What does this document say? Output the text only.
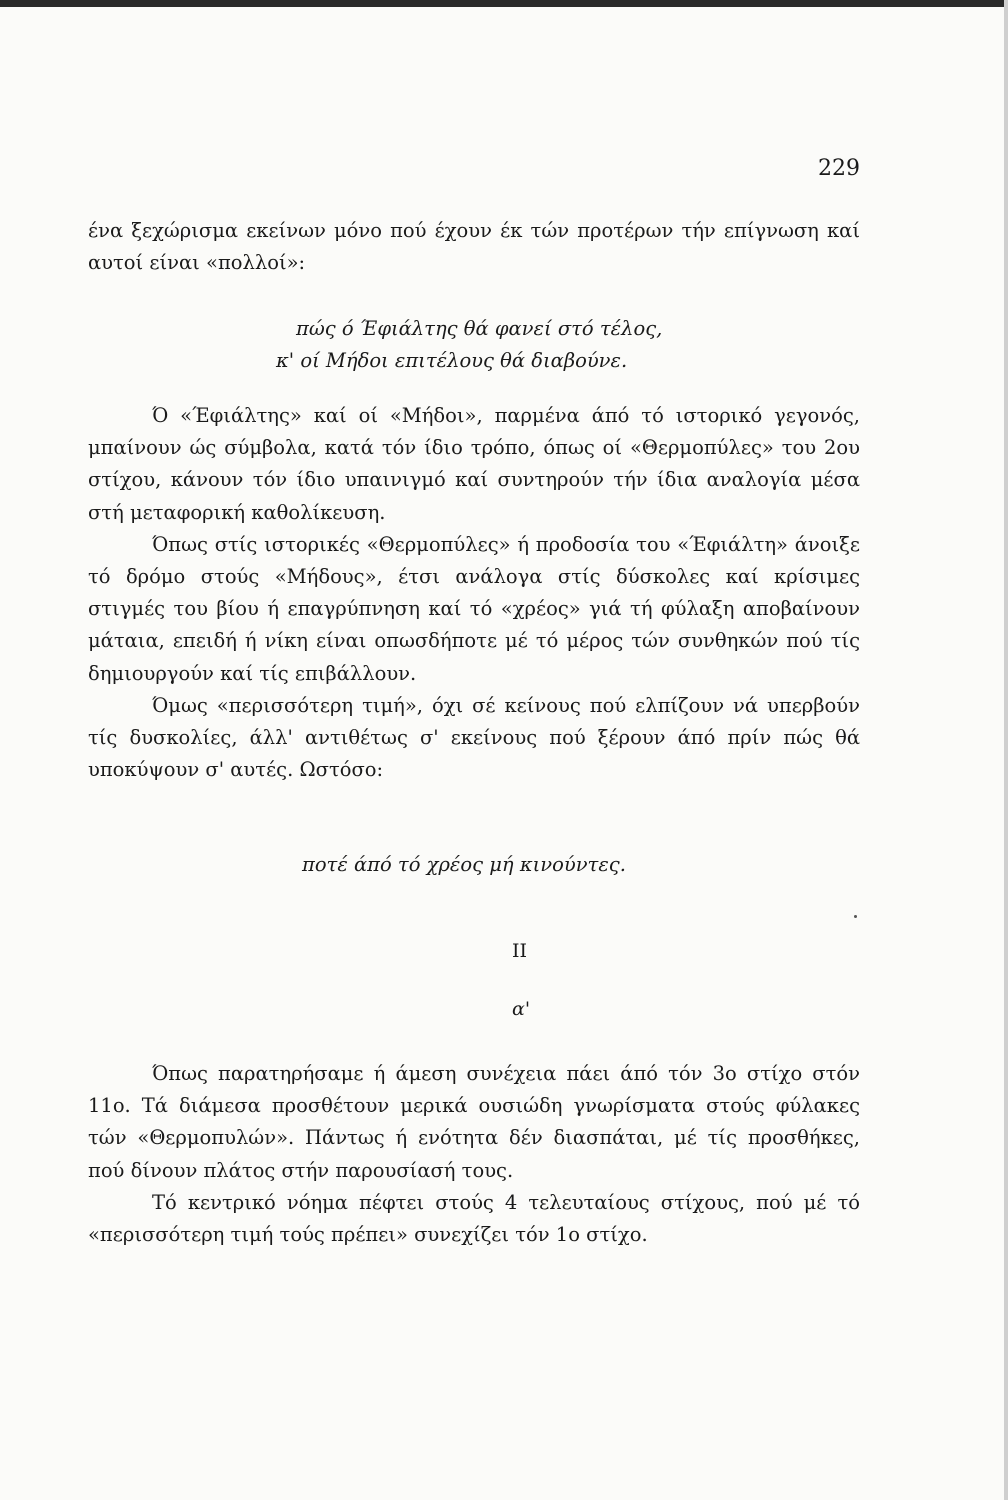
229

ένα ξεχώρισμα εκείνων μόνο πού έχουν έκ τών προτέρων τήν επίγνωση καί αυτοί είναι «πολλοί»:

πώς ό Έφιάλτης θά φανεί στό τέλος,
κ' οί Μήδοι επιτέλους θά διαβούνε.

Ό «Έφιάλτης» καί οί «Μήδοι», παρμένα άπό τό ιστορικό γεγονός, μπαίνουν ώς σύμβολα, κατά τόν ίδιο τρόπο, όπως οί «Θερμοπύλες» του 2ου στίχου, κάνουν τόν ίδιο υπαινιγμό καί συντηρούν τήν ίδια αναλογία μέσα στή μεταφορική καθολίκευση.

Όπως στίς ιστορικές «Θερμοπύλες» ή προδοσία του «Έφιάλτη» άνοιξε τό δρόμο στούς «Μήδους», έτσι ανάλογα στίς δύσκολες καί κρίσιμες στιγμές του βίου ή επαγρύπνηση καί τό «χρέος» γιά τή φύλαξη αποβαίνουν μάταια, επειδή ή νίκη είναι οπωσδήποτε μέ τό μέρος τών συνθηκών πού τίς δημιουργούν καί τίς επιβάλλουν.

Όμως «περισσότερη τιμή», όχι σέ κείνους πού ελπίζουν νά υπερβούν τίς δυσκολίες, άλλ' αντιθέτως σ' εκείνους πού ξέρουν άπό πρίν πώς θά υποκύψουν σ' αυτές. Ωστόσο:

ποτέ άπό τό χρέος μή κινούντες.
II
α'

Όπως παρατηρήσαμε ή άμεση συνέχεια πάει άπό τόν 3ο στίχο στόν 11ο. Τά διάμεσα προσθέτουν μερικά ουσιώδη γνωρίσματα στούς φύλακες τών «Θερμοπυλών». Πάντως ή ενότητα δέν διασπάται, μέ τίς προσθήκες, πού δίνουν πλάτος στήν παρουσίασή τους.

Τό κεντρικό νόημα πέφτει στούς 4 τελευταίους στίχους, πού μέ τό «περισσότερη τιμή τούς πρέπει» συνεχίζει τόν 1ο στίχο.
